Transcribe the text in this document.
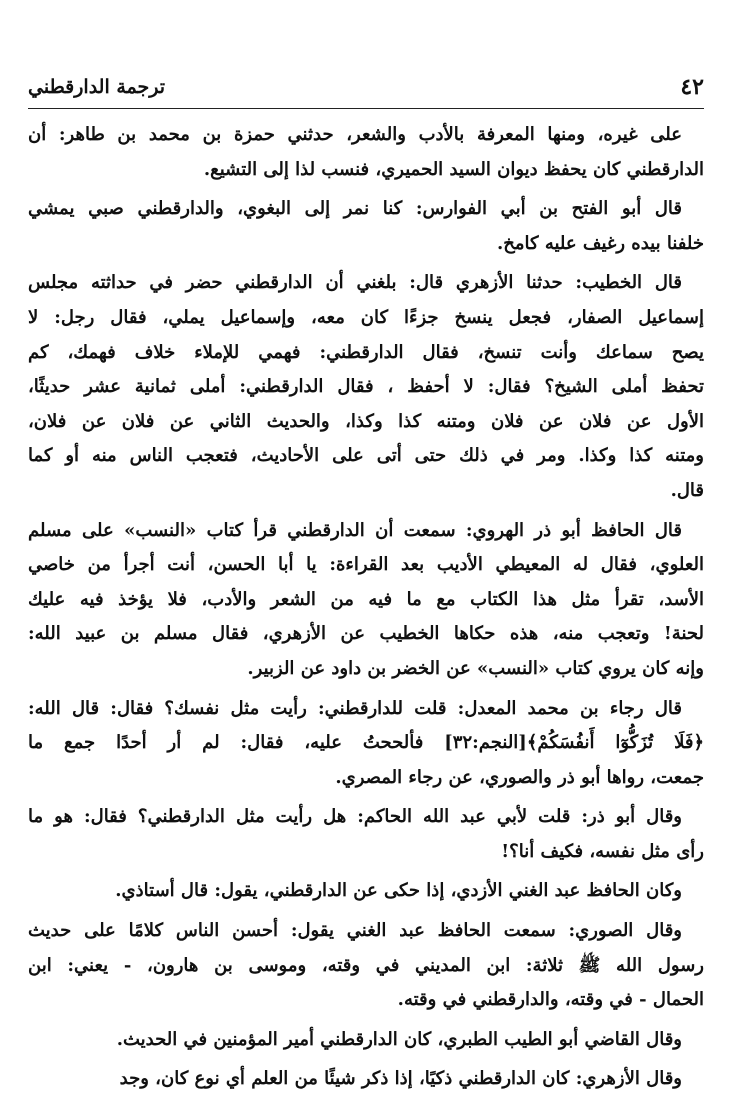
٤٢
ترجمة الدارقطني
على غيره، ومنها المعرفة بالأدب والشعر، حدثني حمزة بن محمد بن طاهر: أن
الدارقطني كان يحفظ ديوان السيد الحميري، فنسب لذا إلى التشيع.
قال أبو الفتح بن أبي الفوارس: كنا نمر إلى البغوي، والدارقطني صبي يمشي
خلفنا بيده رغيف عليه كامخ.
قال الخطيب: حدثنا الأزهري قال: بلغني أن الدارقطني حضر في حداثته مجلس
إسماعيل الصفار، فجعل ينسخ جزءًا كان معه، وإسماعيل يملي، فقال رجل: لا
يصح سماعك وأنت تنسخ، فقال الدارقطني: فهمي للإملاء خلاف فهمك، كم
تحفظ أملى الشيخ؟ فقال: لا أحفظ ، فقال الدارقطني: أملى ثمانية عشر حديثًا،
الأول عن فلان عن فلان ومتنه كذا وكذا، والحديث الثاني عن فلان عن فلان،
ومتنه كذا وكذا. ومر في ذلك حتى أتى على الأحاديث، فتعجب الناس منه أو كما
قال.
قال الحافظ أبو ذر الهروي: سمعت أن الدارقطني قرأ كتاب «النسب» على مسلم
العلوي، فقال له المعيطي الأديب بعد القراءة: يا أبا الحسن، أنت أجرأ من خاصي
الأسد، تقرأ مثل هذا الكتاب مع ما فيه من الشعر والأدب، فلا يؤخذ فيه عليك
لحنة! وتعجب منه، هذه حكاها الخطيب عن الأزهري، فقال مسلم بن عبيد الله:
وإنه كان يروي كتاب «النسب» عن الخضر بن داود عن الزبير.
قال رجاء بن محمد المعدل: قلت للدارقطني: رأيت مثل نفسك؟ فقال: قال الله:
﴿فَلَا تُزَكُّوٓا أَنفُسَكُمْ﴾[النجم:٣٢] فألححتُ عليه، فقال: لم أر أحدًا جمع ما
جمعت، رواها أبو ذر والصوري، عن رجاء المصري.
وقال أبو ذر: قلت لأبي عبد الله الحاكم: هل رأيت مثل الدارقطني؟ فقال: هو ما
رأى مثل نفسه، فكيف أنا؟!
وكان الحافظ عبد الغني الأزدي، إذا حكى عن الدارقطني، يقول: قال أستاذي.
وقال الصوري: سمعت الحافظ عبد الغني يقول: أحسن الناس كلامًا على حديث
رسول الله ﷺ ثلاثة: ابن المديني في وقته، وموسى بن هارون، - يعني: ابن
الحمال - في وقته، والدارقطني في وقته.
وقال القاضي أبو الطيب الطبري، كان الدارقطني أمير المؤمنين في الحديث.
وقال الأزهري: كان الدارقطني ذكيًا، إذا ذكر شيئًا من العلم أي نوع كان، وجد
